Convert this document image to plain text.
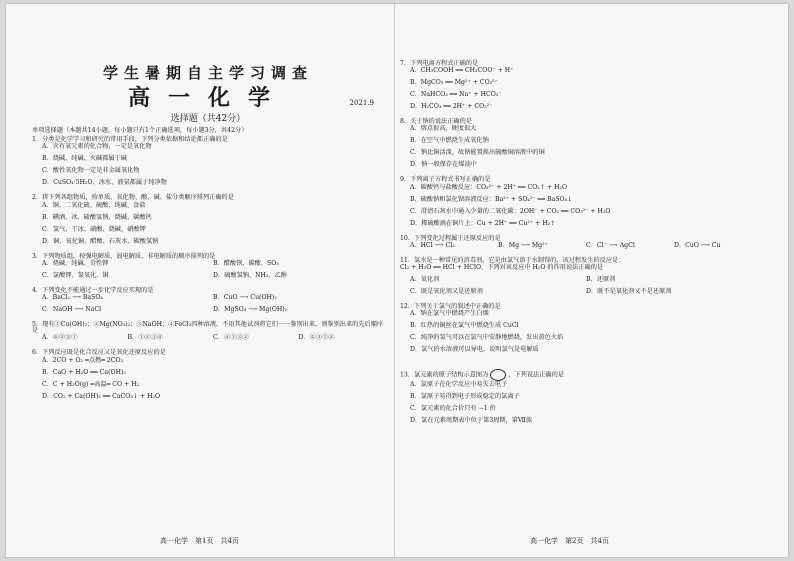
学生暑期自主学习调查
高一化学	2021.9
选择题（共42分）
单项选择题（本题共14小题，每小题只有1个正确选项，每小题3分，共42分）
1．分类是化学学习和研究的常用手段，下列分类依据和结论都正确的是
A．含有氧元素的化合物，一定是氧化物
B．烧碱、纯碱、火碱都属于碱
C．酸性氧化物一定是非金属氧化物
D．CuSO₄·5H₂O、冰水、液氨都属于纯净物
2．将下列各组物质，按单质、氧化物、酸、碱、盐分类顺序排列正确的是
A．铜、二氧化硫、硫酸、纯碱、食盐
B．碘酒、冰、硫酸氢钠、烧碱、碳酸钙
C．氢气、干冰、硝酸、烧碱、硝酸钾
D．铜、氧化铜、醋酸、石灰水、碳酸氢钠
3．下列物质组，按强电解质、弱电解质、非电解质的顺序排列的是
A．烧碱、纯碱、苛性钾	B．醋酸钡、碳酸、SO₃
C．氯酸钾、氢氧化、铜	D．硫酸氢钠、NH₃、乙醇
4．下列变化不能通过一步化学反应实现的是
A．BaCl₂ ⟶ BaSO₄	B．CuO ⟶ Cu(OH)₂
C．NaOH ⟶ NaCl	D．MgSO₄ ⟶ Mg(OH)₂
5．现有①Cu(OH)₂；②Mg(NO₃)₂；③NaOH；④FeCl₃四种溶液，不用其他试剂将它们一一鉴别出来，则鉴别出来的先后顺序是
A．④②③①	B．①②③④	C．④①③②	D．④③①②
6．下列反应既是化合反应又是氧化还原反应的是
A．2CO + O₂ ═点燃═ 2CO₂
B．CaO + H₂O ══ Ca(OH)₂
C．C + H₂O(g) ═高温═ CO + H₂
D．CO₂ + Ca(OH)₂ ══ CaCO₃↓ + H₂O
7．下列电离方程式正确的是
A．CH₃COOH ══ CH₃COO⁻ + H⁺
B．MgCO₃ ══ Mg²⁺ + CO₃²⁻
C．NaHCO₃ ══ Na⁺ + HCO₃⁻
D．H₂CO₃ ══ 2H⁺ + CO₃²⁻
8．关于钠的说法正确的是
A．熔点很高，硬度很大
B．在空气中燃烧生成氧化钠
C．钠比铜活泼，故钠能置换出硫酸铜溶液中的铜
D．钠一般保存在煤油中
9．下列离子方程式书写正确的是
A．碳酸钙与盐酸反应：CO₃²⁻ + 2H⁺ ══ CO₂↑ + H₂O
B．硫酸钠和氯化钡溶液反应：Ba²⁺ + SO₄²⁻ ══ BaSO₄↓
C．澄清石灰水中通入少量的二氧化碳：2OH⁻ + CO₂ ══ CO₃²⁻ + H₂O
D．稀硫酸滴在铜片上：Cu + 2H⁺ ══ Cu²⁺ + H₂↑
10．下列变化过程属于还原反应的是
A．HCl ⟶ Cl₂	B．Mg ⟶ Mg²⁺	C．Cl⁻ ⟶ AgCl	D．CuO ⟶ Cu
11．氢水是一种常见的消毒剂，它是由氯气溶于水制得的，该过程发生的反应是：
Cl₂ + H₂O ══ HCl + HClO，下列对该反应中 H₂O 的作用说法正确的是
A．氧化剂	B．还原剂
C．既是氧化剂又是还原剂	D．既不是氧化剂又不是还原剂
12．下列关于氯气的叙述中正确的是
A．钠在氯气中燃烧产生白烟
B．红热的铜丝在氯气中燃烧生成 CuCl
C．纯净的氢气可以在氯气中安静地燃烧，发出黄色火焰
D．氯气的水溶液可以导电，说明氯气是电解质
13．氯元素的原子结构示意图为	，下列说法正确的是
A．氯原子在化学反应中易失去电子
B．氯原子易得到电子形成稳定的氯离子
C．氯元素的化合价只有 −1 价
D．氯在元素周期表中位于第3周期，第Ⅶ族
高一化学　第1页　共4页	高一化学　第2页　共4页
